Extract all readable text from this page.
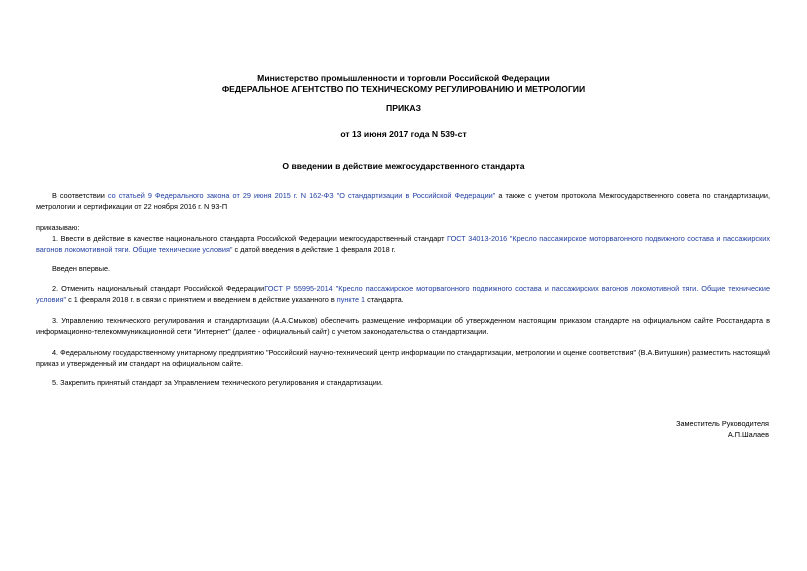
Министерство промышленности и торговли Российской Федерации
ФЕДЕРАЛЬНОЕ АГЕНТСТВО ПО ТЕХНИЧЕСКОМУ РЕГУЛИРОВАНИЮ И МЕТРОЛОГИИ
ПРИКАЗ
от 13 июня 2017 года N 539-ст
О введении в действие межгосударственного стандарта
В соответствии со статьей 9 Федерального закона от 29 июня 2015 г. N 162-ФЗ "О стандартизации в Российской Федерации" а также с учетом протокола Межгосударственного совета по стандартизации, метрологии и сертификации от 22 ноября 2016 г. N 93-П
приказываю:
1. Ввести в действие в качестве национального стандарта Российской Федерации межгосударственный стандарт ГОСТ 34013-2016 "Кресло пассажирское моторвагонного подвижного состава и пассажирских вагонов локомотивной тяги. Общие технические условия" с датой введения в действие 1 февраля 2018 г.
Введен впервые.
2. Отменить национальный стандарт Российской ФедерацииГОСТ Р 55995-2014 "Кресло пассажирское моторвагонного подвижного состава и пассажирских вагонов локомотивной тяги. Общие технические условия" с 1 февраля 2018 г. в связи с принятием и введением в действие указанного в пункте 1 стандарта.
3. Управлению технического регулирования и стандартизации (А.А.Смыков) обеспечить размещение информации об утвержденном настоящим приказом стандарте на официальном сайте Росстандарта в информационно-телекоммуникационной сети "Интернет" (далее - официальный сайт) с учетом законодательства о стандартизации.
4. Федеральному государственному унитарному предприятию "Российский научно-технический центр информации по стандартизации, метрологии и оценке соответствия" (В.А.Витушкин) разместить настоящий приказ и утвержденный им стандарт на официальном сайте.
5. Закрепить принятый стандарт за Управлением технического регулирования и стандартизации.
Заместитель Руководителя
А.П.Шалаев
